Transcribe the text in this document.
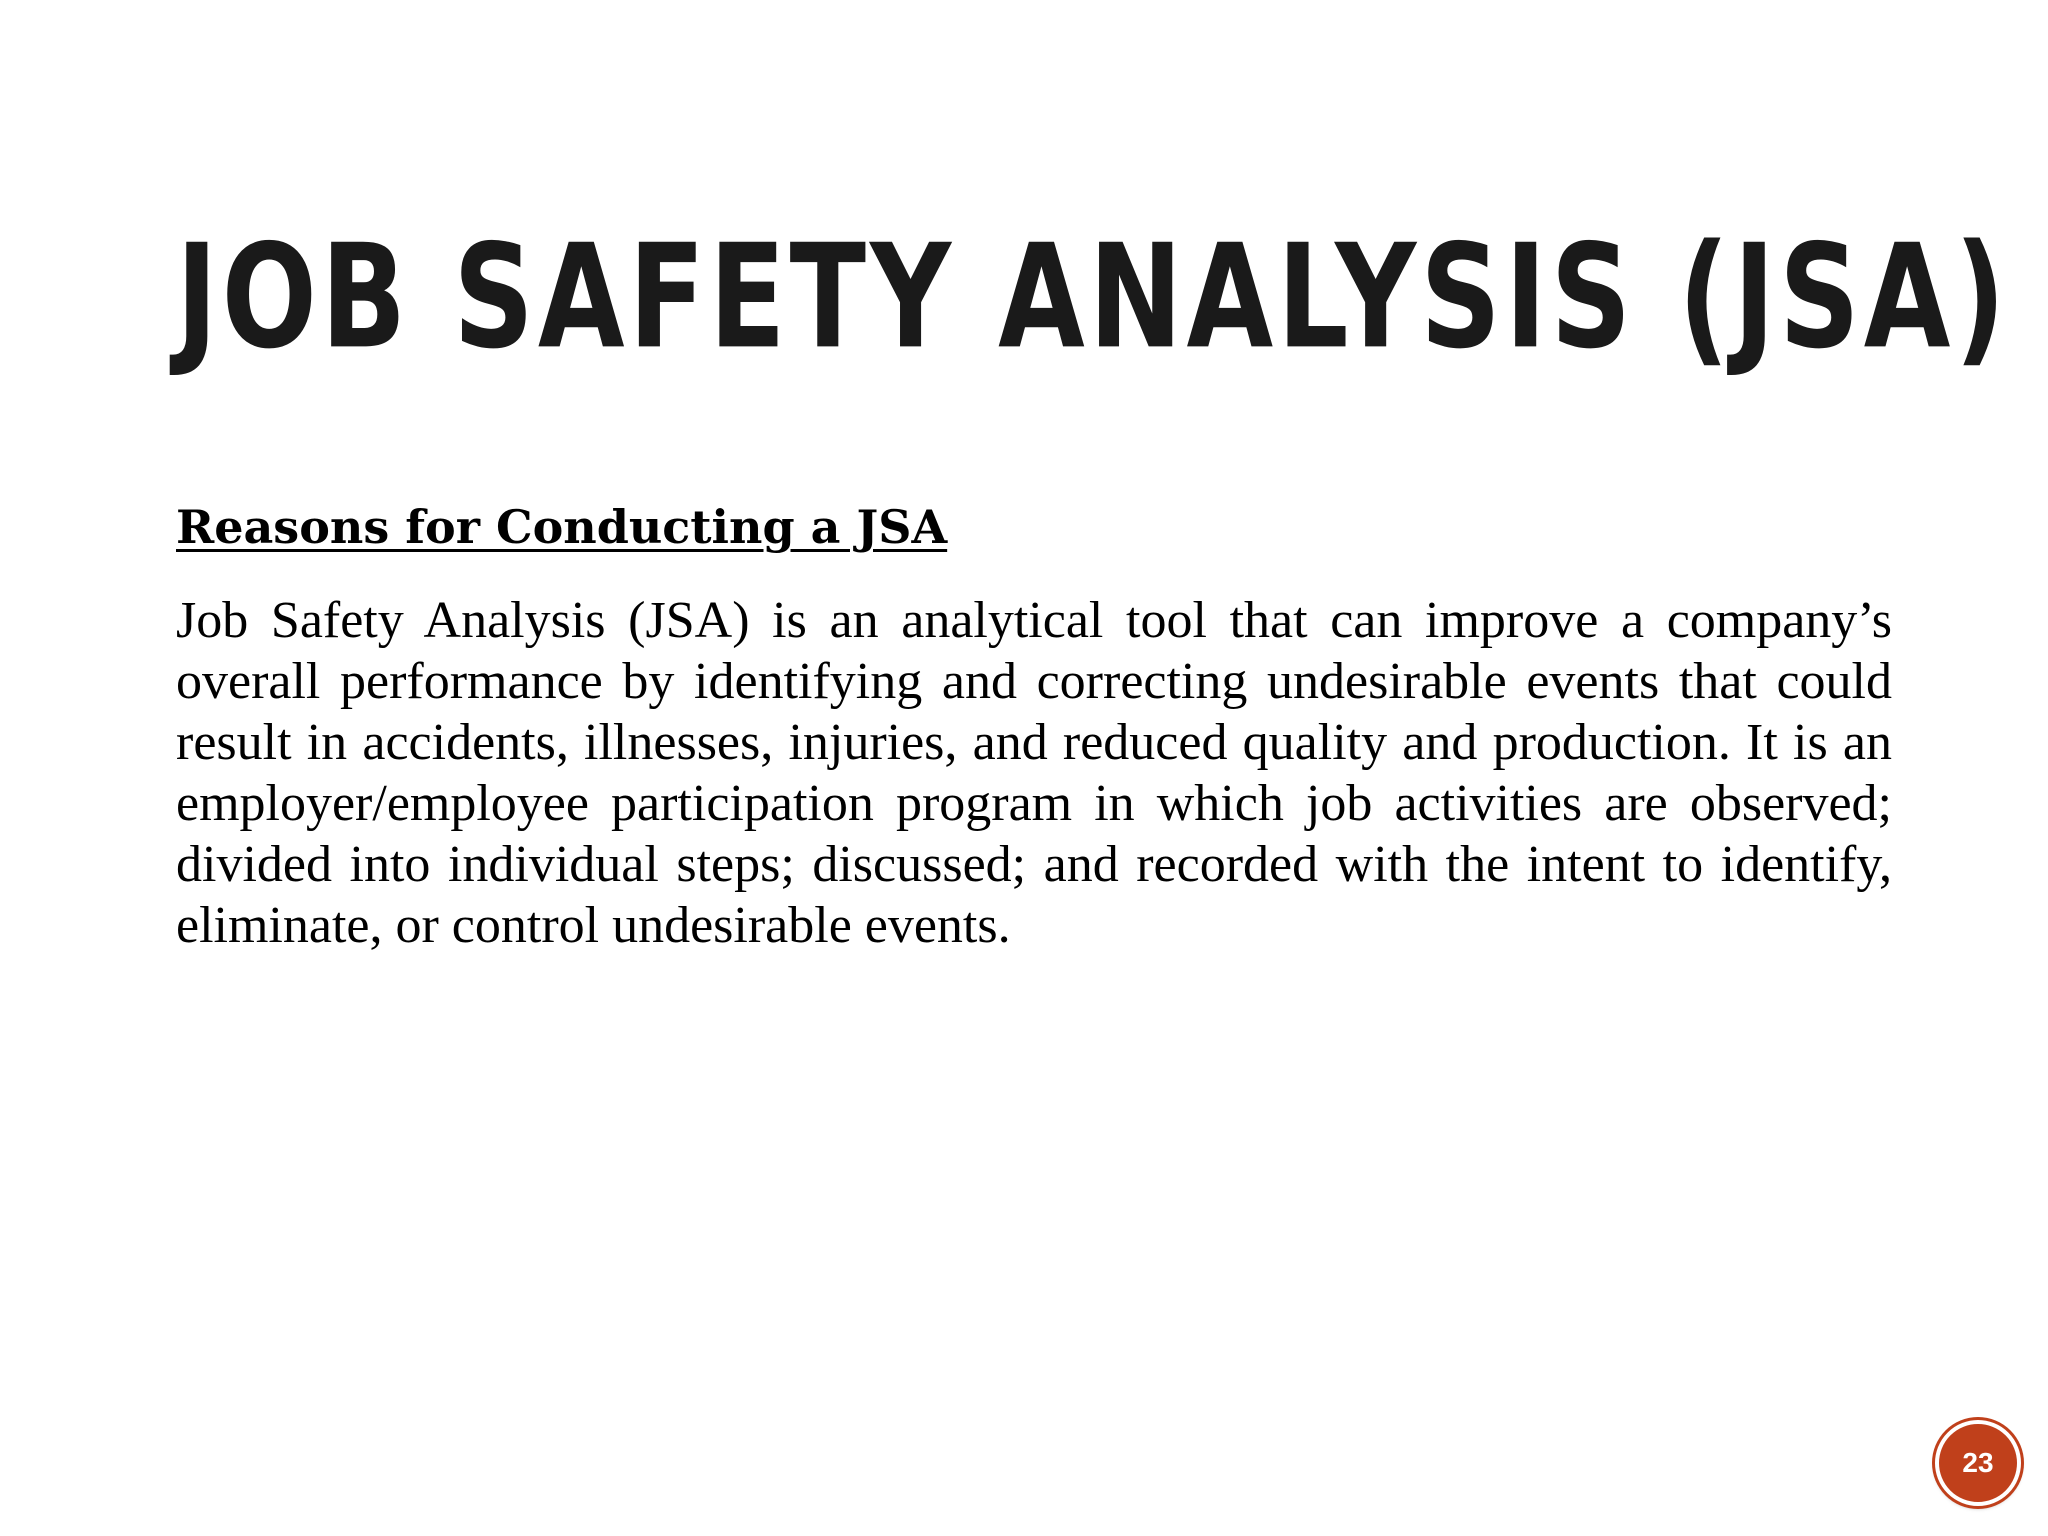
JOB SAFETY ANALYSIS (JSA)
Reasons for Conducting a JSA

Job Safety Analysis (JSA) is an analytical tool that can improve a company’s overall performance by identifying and correcting undesirable events that could result in accidents, illnesses, injuries, and reduced quality and production. It is an employer/employee participation program in which job activities are observed; divided into individual steps; discussed; and recorded with the intent to identify, eliminate, or control undesirable events.

23
